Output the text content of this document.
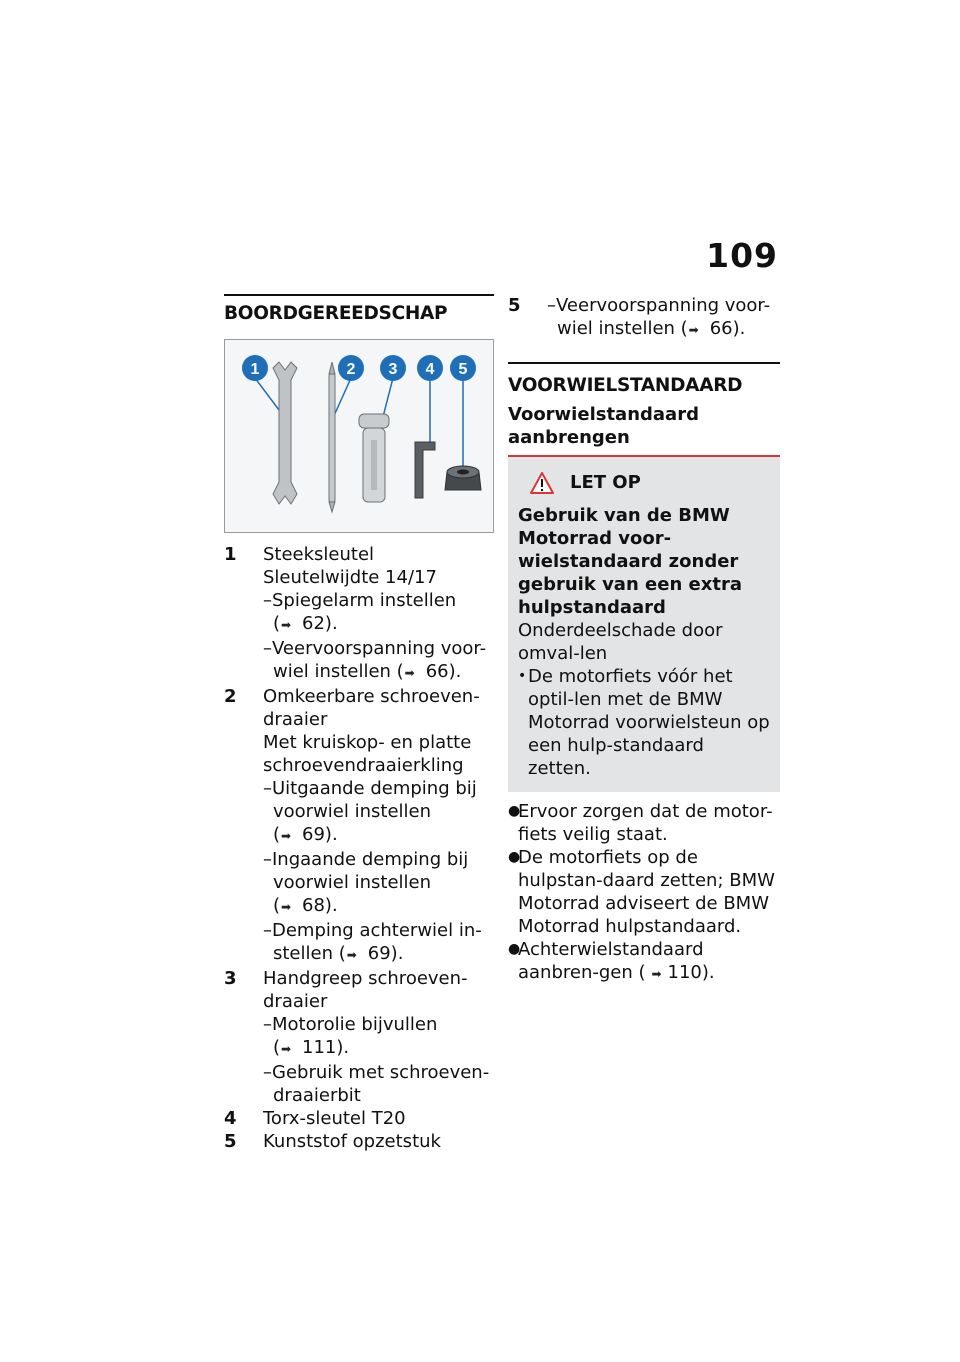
109
BOORDGEREEDSCHAP
1	2 3 4 5
1	Steeksleutel
Sleutelwijdte 14/17
–Spiegelarm instellen
(➡ 62).
–Veervoorspanning voor-wiel instellen (➡ 66).
2	Omkeerbare schroeven-draaier
Met kruiskop- en platte schroevendraaierkling
–Uitgaande demping bij voorwiel instellen
(➡ 69).
–Ingaande demping bij voorwiel instellen
(➡ 68).
–Demping achterwiel in-stellen (➡ 69).
3	Handgreep schroeven-draaier
–Motorolie bijvullen
(➡ 111).
–Gebruik met schroeven-draaierbit
4	Torx-sleutel T20
5	Kunststof opzetstuk
5	–Veervoorspanning voor-wiel instellen (➡ 66).
VOORWIELSTANDAARD
Voorwielstandaard aanbrengen
LET OP
Gebruik van de BMW Motorrad voor-wielstandaard zonder gebruik van een extra hulpstandaard
Onderdeelschade door omval-len
• De motorfiets vóór het optil-len met de BMW Motorrad voorwielsteun op een hulp-standaard zetten.
●
Ervoor zorgen dat de motor-fiets veilig staat.
●
De motorfiets op de hulpstan-daard zetten; BMW Motorrad adviseert de BMW Motorrad hulpstandaard.
●
Achterwielstandaard aanbren-gen ( ➡ 110).
